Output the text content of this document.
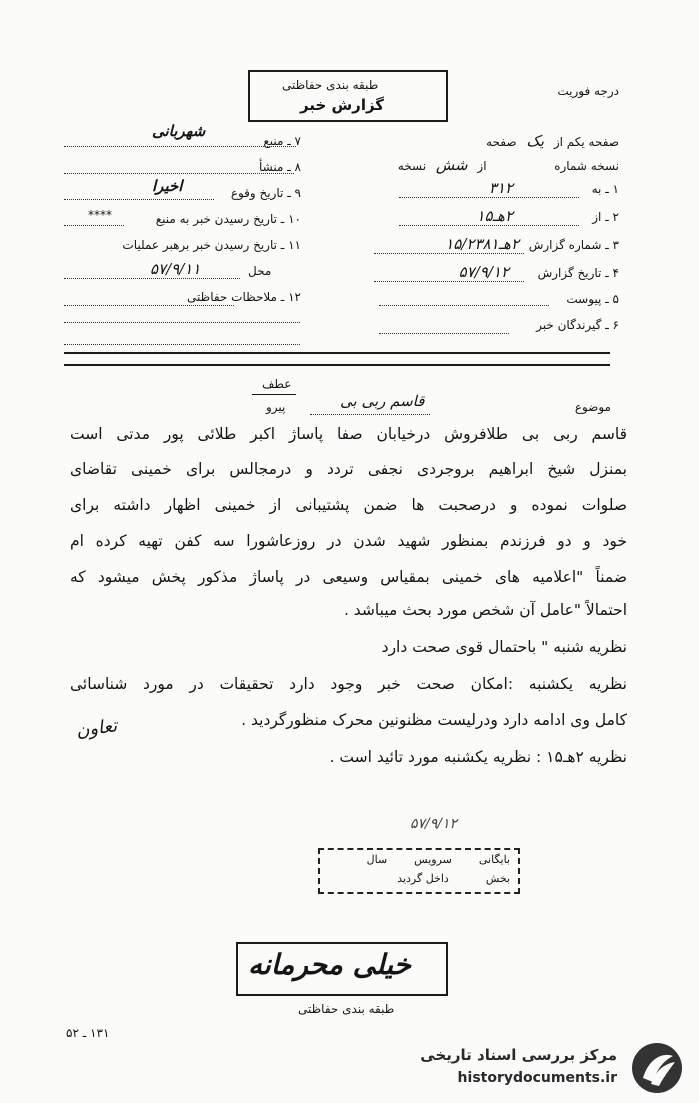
درجه فوریت
طبقه بندی حفاظتی
گزارش خبر
صفحه یکم از یک صفحه
نسخه شماره  از شش نسخه
۱ ـ به
۳۱۲
۲ ـ از
۲هـ۱۵
۳ ـ شماره گزارش
۲هـ۱۵/۲۳۸۱
۴ ـ تاریخ گزارش
۵۷/۹/۱۲
۵ ـ پیوست
۶ ـ گیرندگان خبر
۷ ـ منبع
شهربانی
۸ ـ منشأ
۹ ـ تاریخ وقوع
اخیرا
۱۰ ـ تاریخ رسیدن خبر به منبع
****
۱۱ ـ تاریخ رسیدن خبر برهبر عملیات
محل
۵۷/۹/۱۱
۱۲ ـ ملاحظات حفاظتی
عطف
پیرو	موضوع
قاسم ربی بی
قاسم ربی بی طلافروش درخیابان صفا پاساژ اکبر طلائی پور مدتی است
بمنزل شیخ ابراهیم بروجردی نجفی تردد و درمجالس برای خمینی تقاضای
صلوات نموده و درصحبت ها ضمن پشتیبانی از خمینی اظهار داشته برای
خود و دو فرزندم بمنظور شهید شدن در روزعاشورا سه کفن تهیه کرده ام
ضمناً "اعلامیه های خمینی بمقیاس وسیعی در پاساژ مذکور پخش میشود که
احتمالاً "عامل آن شخص مورد بحث میباشد .
نظریه شنبه " باحتمال قوی صحت دارد
نظریه یکشنبه :امکان صحت خبر وجود دارد تحقیقات در مورد شناسائی
کامل وی ادامه دارد ودرلیست مظنونین محرک منظورگردید .
نظریه ۲هـ۱۵ : نظریه یکشنبه مورد تائید است .
تعاون
۵۷/۹/۱۲
بایگانی  سرویس  سال
بخش  داخل گردید
خیلی محرمانه
طبقه بندی حفاظتی
۱۳۱ ـ ۵۲
مرکز بررسی اسناد تاریخی
historydocuments.ir
